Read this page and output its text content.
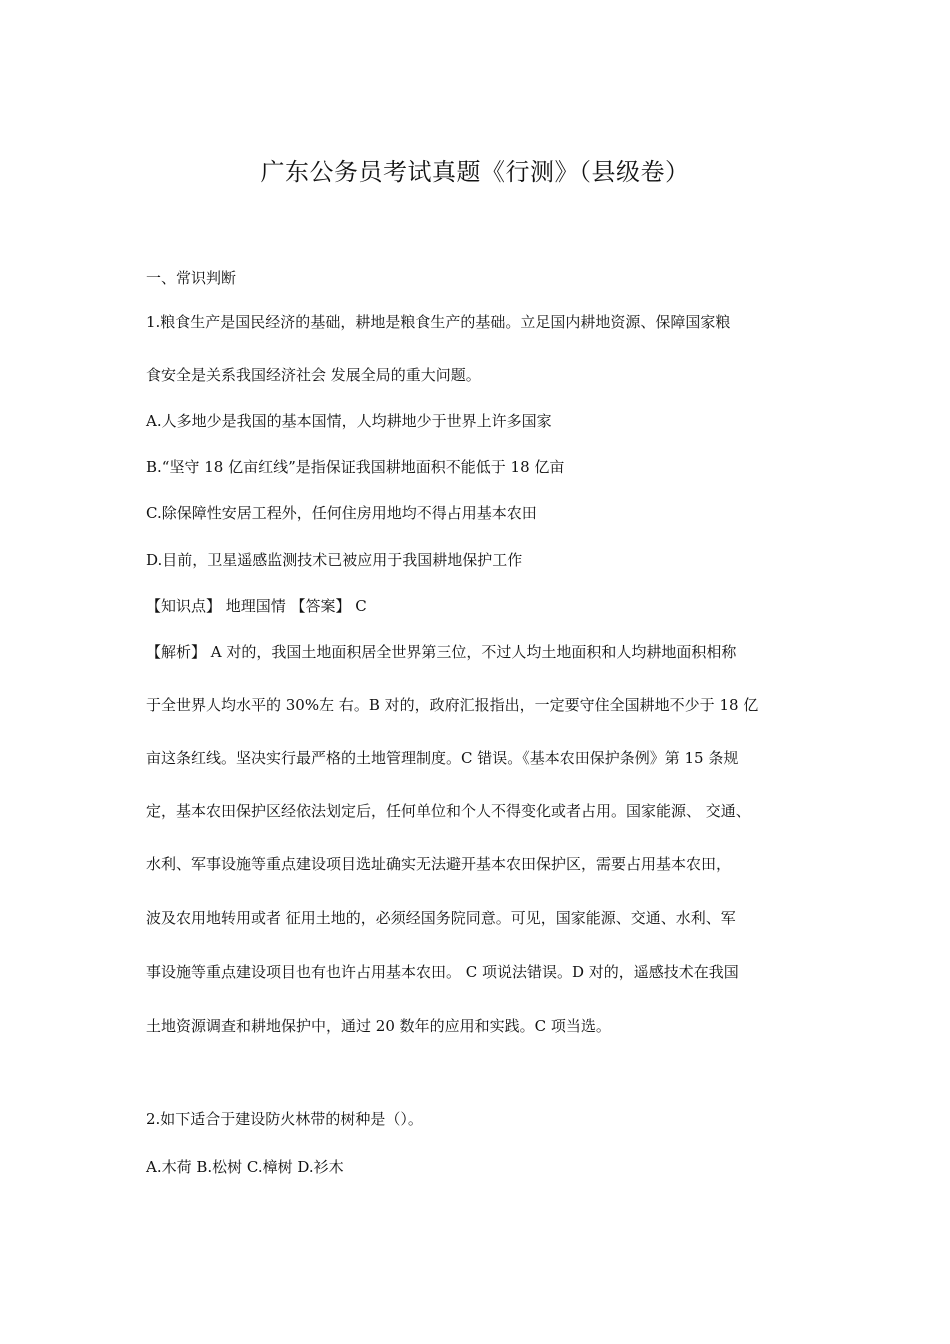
广东公务员考试真题《行测》（县级卷）
一、常识判断
1.粮食生产是国民经济的基础，耕地是粮食生产的基础。立足国内耕地资源、保障国家粮
食安全是关系我国经济社会 发展全局的重大问题。
A.人多地少是我国的基本国情，人均耕地少于世界上许多国家
B.“坚守 18 亿亩红线”是指保证我国耕地面积不能低于 18 亿亩
C.除保障性安居工程外，任何住房用地均不得占用基本农田
D.目前，卫星遥感监测技术已被应用于我国耕地保护工作
【知识点】 地理国情 【答案】 C
【解析】 A 对的，我国土地面积居全世界第三位，不过人均土地面积和人均耕地面积相称
于全世界人均水平的 30%左 右。B 对的，政府汇报指出，一定要守住全国耕地不少于 18 亿
亩这条红线。坚决实行最严格的土地管理制度。C 错误。《基本农田保护条例》第 15 条规
定，基本农田保护区经依法划定后，任何单位和个人不得变化或者占用。国家能源、 交通、
水利、军事设施等重点建设项目选址确实无法避开基本农田保护区，需要占用基本农田，
波及农用地转用或者 征用土地的，必须经国务院同意。可见，国家能源、交通、水利、军
事设施等重点建设项目也有也许占用基本农田。 C 项说法错误。D 对的，遥感技术在我国
土地资源调查和耕地保护中，通过 20 数年的应用和实践。C 项当选。
2.如下适合于建设防火林带的树种是（）。
A.木荷 B.松树 C.樟树 D.衫木
